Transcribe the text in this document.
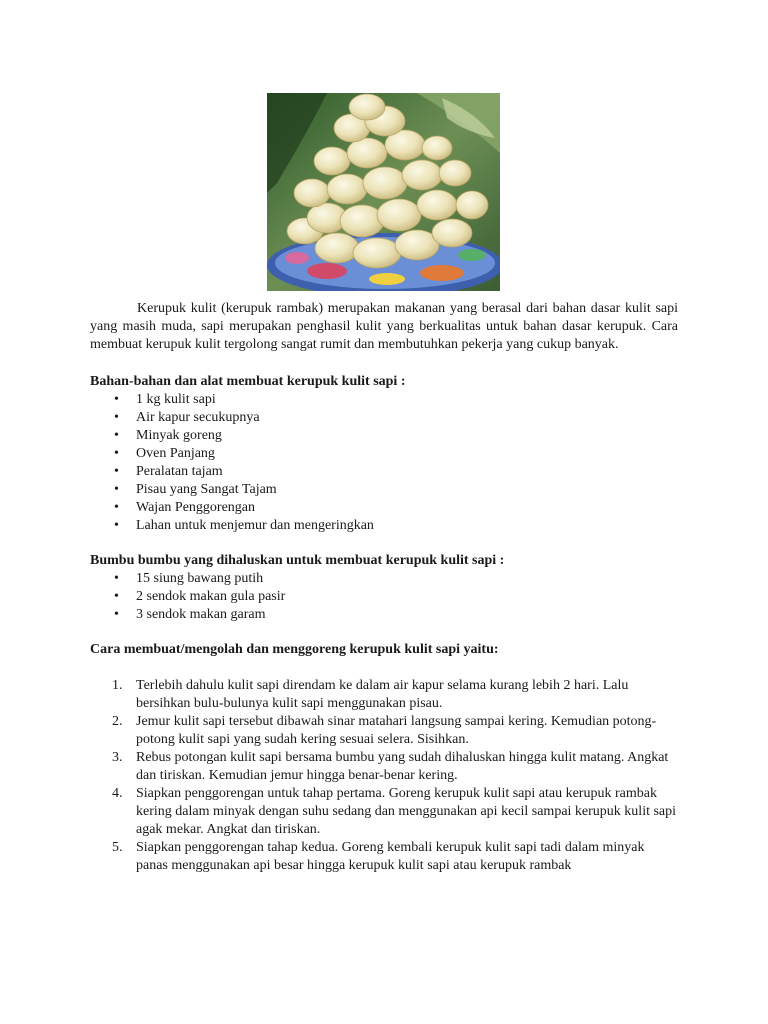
Kerupuk kulit (kerupuk rambak) merupakan makanan yang berasal dari bahan dasar kulit sapi yang masih muda, sapi merupakan penghasil kulit yang berkualitas untuk bahan dasar kerupuk. Cara membuat kerupuk kulit tergolong sangat rumit dan membutuhkan pekerja yang cukup banyak.

Bahan-bahan dan alat membuat kerupuk kulit sapi :
• 1 kg kulit sapi
• Air kapur secukupnya
• Minyak goreng
• Oven Panjang
• Peralatan tajam
• Pisau yang Sangat Tajam
• Wajan Penggorengan
• Lahan untuk menjemur dan mengeringkan
Bumbu bumbu yang dihaluskan untuk membuat kerupuk kulit sapi :
• 15 siung bawang putih
• 2 sendok makan gula pasir
• 3 sendok makan garam
Cara membuat/mengolah dan menggoreng kerupuk kulit sapi yaitu:
1. Terlebih dahulu kulit sapi direndam ke dalam air kapur selama kurang lebih 2 hari. Lalu bersihkan bulu-bulunya kulit sapi menggunakan pisau.
2. Jemur kulit sapi tersebut dibawah sinar matahari langsung sampai kering. Kemudian potong-potong kulit sapi yang sudah kering sesuai selera. Sisihkan.
3. Rebus potongan kulit sapi bersama bumbu yang sudah dihaluskan hingga kulit matang. Angkat dan tiriskan. Kemudian jemur hingga benar-benar kering.
4. Siapkan penggorengan untuk tahap pertama. Goreng kerupuk kulit sapi atau kerupuk rambak kering dalam minyak dengan suhu sedang dan menggunakan api kecil sampai kerupuk kulit sapi agak mekar. Angkat dan tiriskan.
5. Siapkan penggorengan tahap kedua. Goreng kembali kerupuk kulit sapi tadi dalam minyak panas menggunakan api besar hingga kerupuk kulit sapi atau kerupuk rambak
